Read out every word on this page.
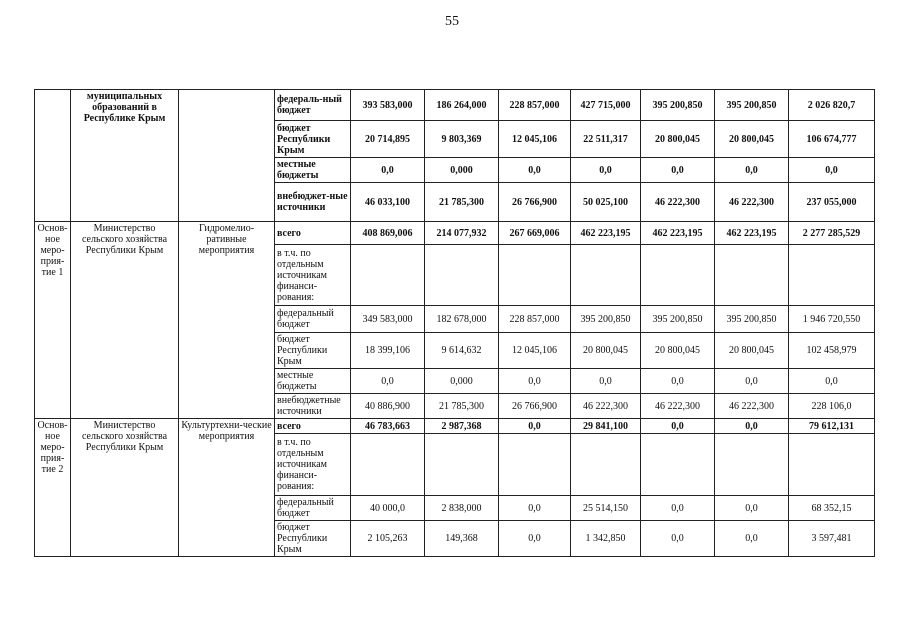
55
	муниципальных образований в Республике Крым		федераль-ный бюджет	393 583,000	186 264,000	228 857,000	427 715,000	395 200,850	395 200,850	2 026 820,7
			бюджет Республики Крым	20 714,895	9 803,369	12 045,106	22 511,317	20 800,045	20 800,045	106 674,777
			местные бюджеты	0,0	0,000	0,0	0,0	0,0	0,0	0,0
			внебюджет-ные источники	46 033,100	21 785,300	26 766,900	50 025,100	46 222,300	46 222,300	237 055,000
Основ-ное меро-прия-тие 1	Министерство сельского хозяйства Республики Крым	Гидромелио-ративные мероприятия	всего	408 869,006	214 077,932	267 669,006	462 223,195	462 223,195	462 223,195	2 277 285,529
			в т.ч. по отдельным источникам финанси-рования:							
			федеральный бюджет	349 583,000	182 678,000	228 857,000	395 200,850	395 200,850	395 200,850	1 946 720,550
			бюджет Республики Крым	18 399,106	9 614,632	12 045,106	20 800,045	20 800,045	20 800,045	102 458,979
			местные бюджеты	0,0	0,000	0,0	0,0	0,0	0,0	0,0
			внебюджетные источники	40 886,900	21 785,300	26 766,900	46 222,300	46 222,300	46 222,300	228 106,0
Основ-ное меро-прия-тие 2	Министерство сельского хозяйства Республики Крым	Культуртехни-ческие мероприятия	всего	46 783,663	2 987,368	0,0	29 841,100	0,0	0,0	79 612,131
			в т.ч. по отдельным источникам финанси-рования:							
			федеральный бюджет	40 000,0	2 838,000	0,0	25 514,150	0,0	0,0	68 352,15
			бюджет Республики Крым	2 105,263	149,368	0,0	1 342,850	0,0	0,0	3 597,481
